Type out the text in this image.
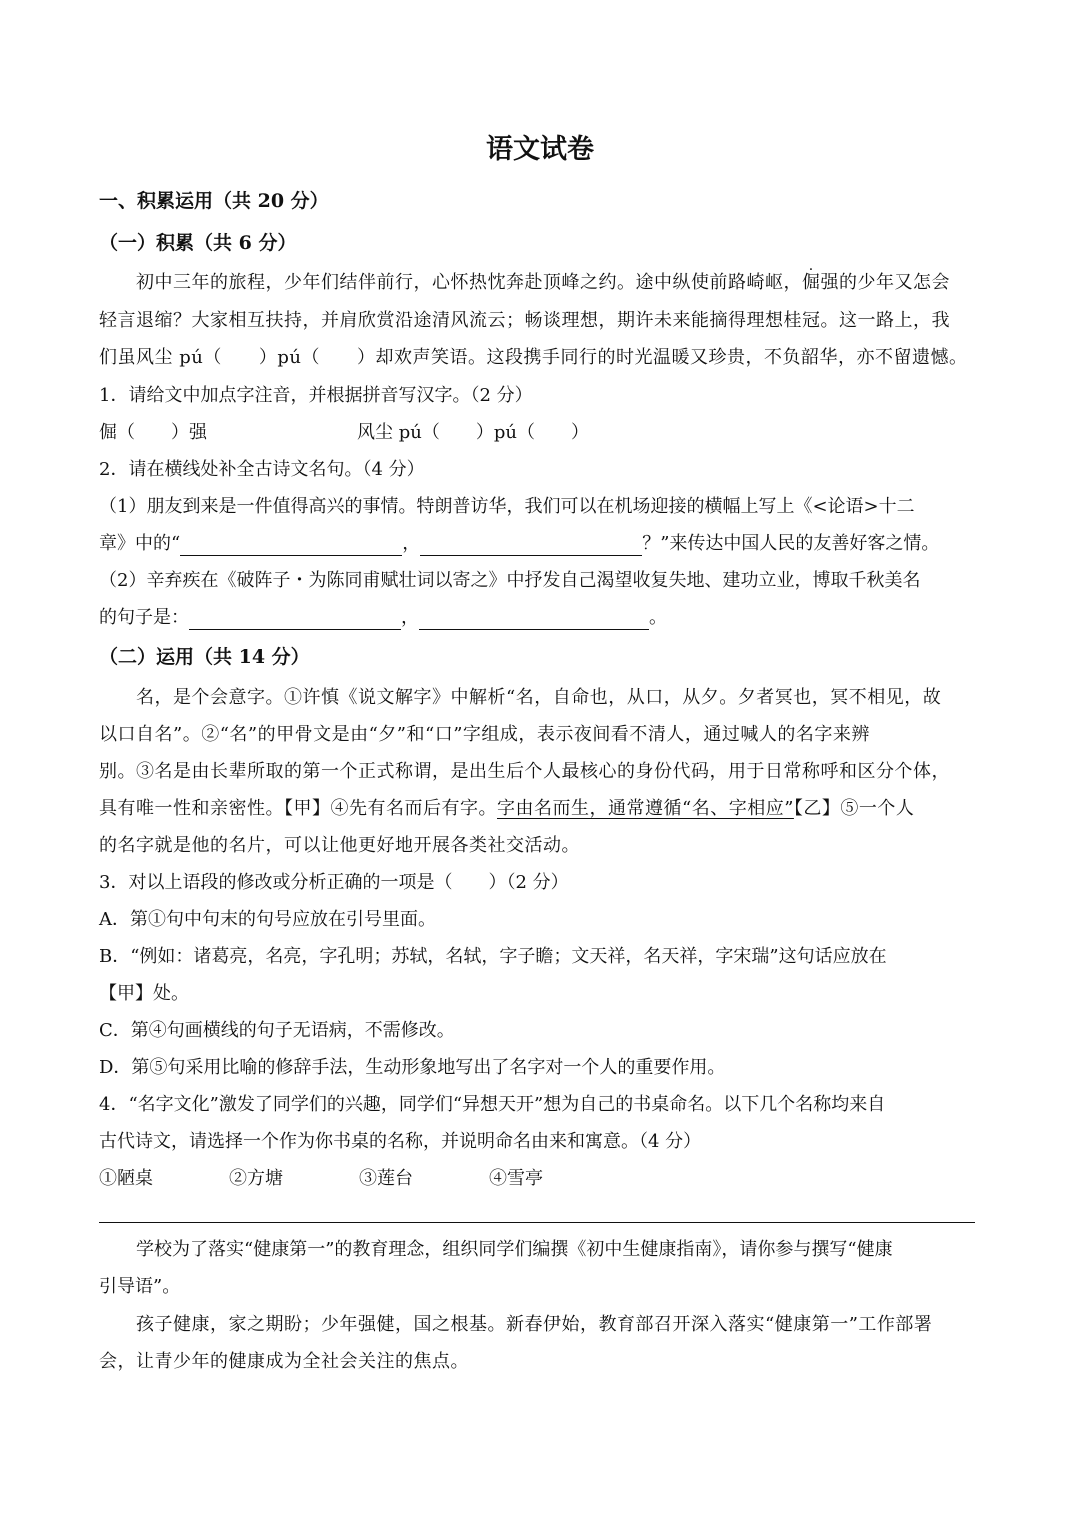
语文试卷
一、积累运用（共 20 分）
（一）积累（共 6 分）
初中三年的旅程，少年们结伴前行，心怀热忱奔赴顶峰之约。途中纵使前路崎岖，倔强的少年又怎会
轻言退缩？大家相互扶持，并肩欣赏沿途清风流云；畅谈理想，期许未来能摘得理想桂冠。这一路上，我
们虽风尘 pú（　　）pú（　　）却欢声笑语。这段携手同行的时光温暖又珍贵，不负韶华，亦不留遗憾。
1．请给文中加点字注音，并根据拼音写汉字。（2 分）
倔（　　）强	风尘 pú（　　）pú（　　）
2．请在横线处补全古诗文名句。（4 分）
（1）朋友到来是一件值得高兴的事情。特朗普访华，我们可以在机场迎接的横幅上写上《<论语>十二
章》中的“	，	？”来传达中国人民的友善好客之情。
（2）辛弃疾在《破阵子・为陈同甫赋壮词以寄之》中抒发自己渴望收复失地、建功立业，博取千秋美名
的句子是：	，	。
（二）运用（共 14 分）
名，是个会意字。①许慎《说文解字》中解析“名，自命也，从口，从夕。夕者冥也，冥不相见，故
以口自名”。②“名”的甲骨文是由“夕”和“口”字组成，表示夜间看不清人，通过喊人的名字来辨
别。③名是由长辈所取的第一个正式称谓，是出生后个人最核心的身份代码，用于日常称呼和区分个体，
具有唯一性和亲密性。【甲】④先有名而后有字。字由名而生，通常遵循“名、字相应”【乙】⑤一个人
的名字就是他的名片，可以让他更好地开展各类社交活动。
3．对以上语段的修改或分析正确的一项是（　　）（2 分）
A．第①句中句末的句号应放在引号里面。
B．“例如：诸葛亮，名亮，字孔明；苏轼，名轼，字子瞻；文天祥，名天祥，字宋瑞”这句话应放在
【甲】处。
C．第④句画横线的句子无语病，不需修改。
D．第⑤句采用比喻的修辞手法，生动形象地写出了名字对一个人的重要作用。
4．“名字文化”激发了同学们的兴趣，同学们“异想天开”想为自己的书桌命名。以下几个名称均来自
古代诗文，请选择一个作为你书桌的名称，并说明命名由来和寓意。（4 分）
①陋桌	②方塘	③莲台	④雪亭
学校为了落实“健康第一”的教育理念，组织同学们编撰《初中生健康指南》，请你参与撰写“健康
引导语”。
孩子健康，家之期盼；少年强健，国之根基。新春伊始，教育部召开深入落实“健康第一”工作部署
会，让青少年的健康成为全社会关注的焦点。
